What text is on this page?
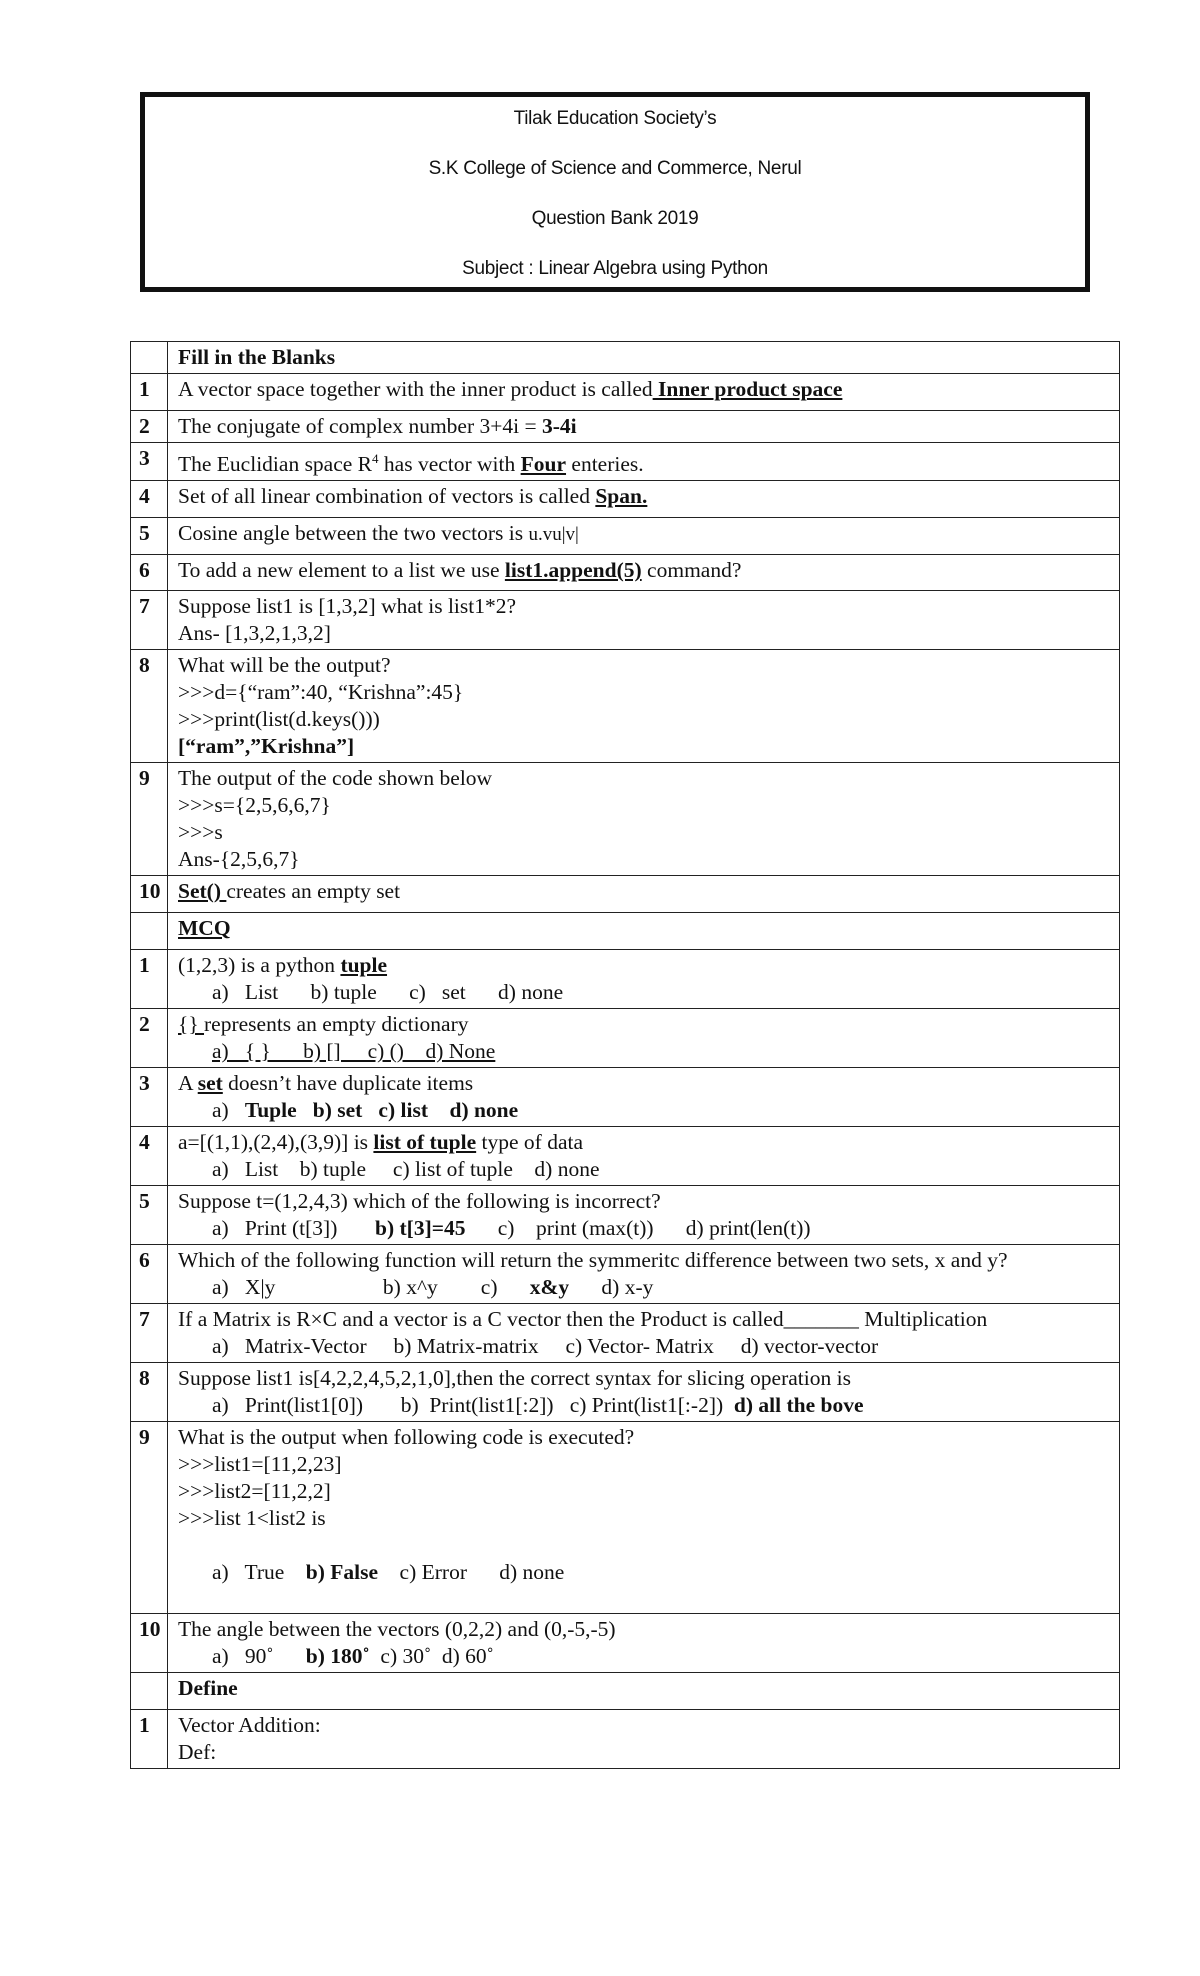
Tilak Education Society’s
S.K College of Science and Commerce, Nerul
Question Bank 2019
Subject : Linear Algebra using Python
	Fill in the Blanks
1	A vector space together with the inner product is called Inner product space
2	The conjugate of complex number 3+4i = 3-4i
3	The Euclidian space $R^4$ has vector with Four enteries.
4	Set of all linear combination of vectors is called Span.
5	Cosine angle between the two vectors is u.vu|v|
6	To add a new element to a list we use list1.append(5) command?
7	Suppose list1 is [1,3,2] what is list1*2?
Ans- [1,3,2,1,3,2]

8	What will be the output?
>>>d={“ram”:40, “Krishna”:45}
>>>print(list(d.keys()))
[“ram”,”Krishna”]

9	The output of the code shown below
>>>s={2,5,6,6,7}
>>>s
Ans-{2,5,6,7}

10	Set() creates an empty set
	MCQ
1	(1,2,3) is a python tuple
a) List b) tuple c)   set d) none

2	{} represents an empty dictionary
a)   { }      b) []     c) ()    d) None

3	A set doesn’t have duplicate items
a) Tuple   b) set   c) list    d) none

4	a=[(1,1),(2,4),(3,9)] is list of tuple type of data
a)   List    b) tuple     c) list of tuple    d) none

5	Suppose t=(1,2,4,3) which of the following is incorrect?
a)   Print (t[3])       b) t[3]=45      c)    print (max(t))      d) print(len(t))

6	Which of the following function will return the symmeritc difference between two sets, x and y?
a)   X|y                    b) x^y        c)      x&y      d) x-y

7	If a Matrix is R×C and a vector is a C vector then the Product is called_______ Multiplication
a)   Matrix-Vector     b) Matrix-matrix     c) Vector- Matrix     d) vector-vector

8	Suppose list1 is[4,2,2,4,5,2,1,0],then the correct syntax for slicing operation is
a)   Print(list1[0])       b)  Print(list1[:2])   c) Print(list1[:-2])  d) all the bove

9	What is the output when following code is executed?
>>>list1=[11,2,23]
>>>list2=[11,2,2]
>>>list 1<list2 is
a)   True    b) False    c) Error      d) none

10	The angle between the vectors (0,2,2) and (0,-5,-5)
a)   90˚      b) 180˚  c) 30˚  d) 60˚

	Define
1	Vector Addition:
Def:
